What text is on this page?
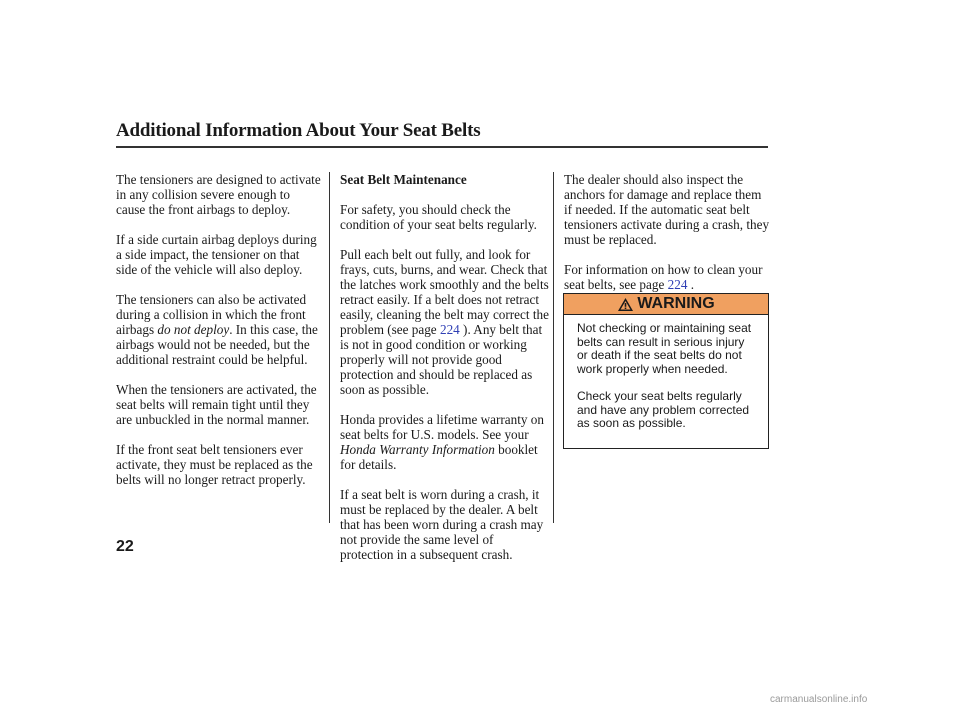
Additional Information About Your Seat Belts

The tensioners are designed to activate in any collision severe enough to cause the front airbags to deploy.

If a side curtain airbag deploys during a side impact, the tensioner on that side of the vehicle will also deploy.

The tensioners can also be activated during a collision in which the front airbags do not deploy. In this case, the airbags would not be needed, but the additional restraint could be helpful.

When the tensioners are activated, the seat belts will remain tight until they are unbuckled in the normal manner.

If the front seat belt tensioners ever activate, they must be replaced as the belts will no longer retract properly.

Seat Belt Maintenance

For safety, you should check the condition of your seat belts regularly.

Pull each belt out fully, and look for frays, cuts, burns, and wear. Check that the latches work smoothly and the belts retract easily. If a belt does not retract easily, cleaning the belt may correct the problem (see page 224 ). Any belt that is not in good condition or working properly will not provide good protection and should be replaced as soon as possible.

Honda provides a lifetime warranty on seat belts for U.S. models. See your Honda Warranty Information booklet for details.

If a seat belt is worn during a crash, it must be replaced by the dealer. A belt that has been worn during a crash may not provide the same level of protection in a subsequent crash.

The dealer should also inspect the anchors for damage and replace them if needed. If the automatic seat belt tensioners activate during a crash, they must be replaced.

For information on how to clean your seat belts, see page 224 .

WARNING

Not checking or maintaining seat belts can result in serious injury or death if the seat belts do not work properly when needed.

Check your seat belts regularly and have any problem corrected as soon as possible.

22
carmanualsonline.info
